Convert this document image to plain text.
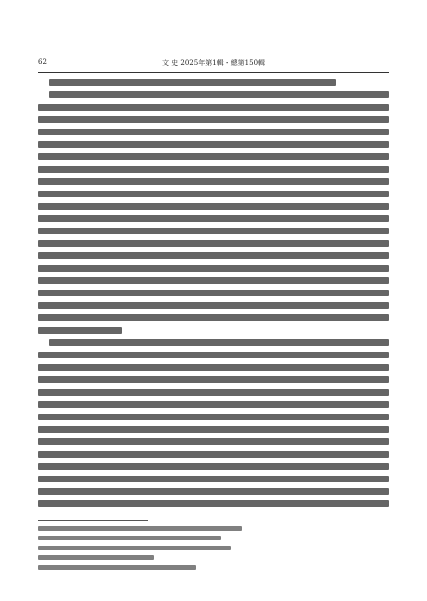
62	文 史 2025年第1輯・總第150輯
